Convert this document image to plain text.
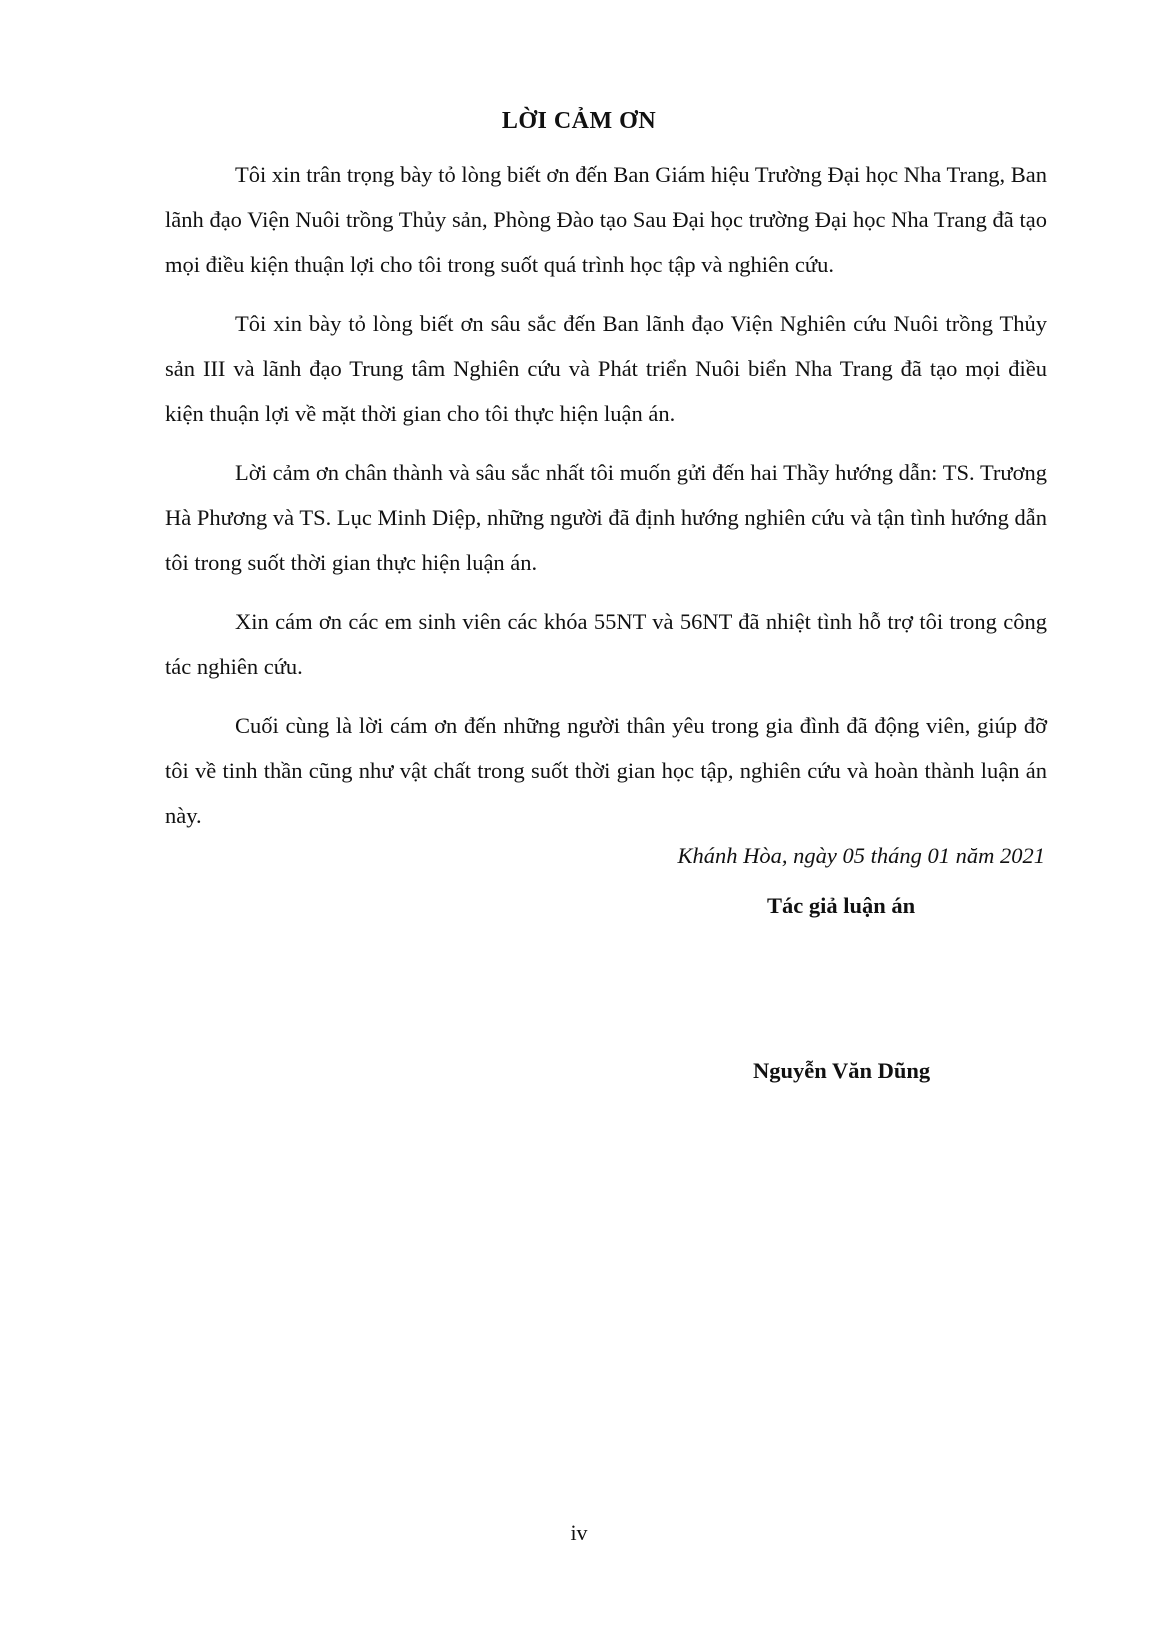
LỜI CẢM ƠN

Tôi xin trân trọng bày tỏ lòng biết ơn đến Ban Giám hiệu Trường Đại học Nha Trang, Ban lãnh đạo Viện Nuôi trồng Thủy sản, Phòng Đào tạo Sau Đại học trường Đại học Nha Trang đã tạo mọi điều kiện thuận lợi cho tôi trong suốt quá trình học tập và nghiên cứu.

Tôi xin bày tỏ lòng biết ơn sâu sắc đến Ban lãnh đạo Viện Nghiên cứu Nuôi trồng Thủy sản III và lãnh đạo Trung tâm Nghiên cứu và Phát triển Nuôi biển Nha Trang đã tạo mọi điều kiện thuận lợi về mặt thời gian cho tôi thực hiện luận án.

Lời cảm ơn chân thành và sâu sắc nhất tôi muốn gửi đến hai Thầy hướng dẫn: TS. Trương Hà Phương và TS. Lục Minh Diệp, những người đã định hướng nghiên cứu và tận tình hướng dẫn tôi trong suốt thời gian thực hiện luận án.

Xin cám ơn các em sinh viên các khóa 55NT và 56NT đã nhiệt tình hỗ trợ tôi trong công tác nghiên cứu.

Cuối cùng là lời cám ơn đến những người thân yêu trong gia đình đã động viên, giúp đỡ tôi về tinh thần cũng như vật chất trong suốt thời gian học tập, nghiên cứu và hoàn thành luận án này.

Khánh Hòa, ngày 05 tháng 01 năm 2021
Tác giả luận án
Nguyễn Văn Dũng
iv
